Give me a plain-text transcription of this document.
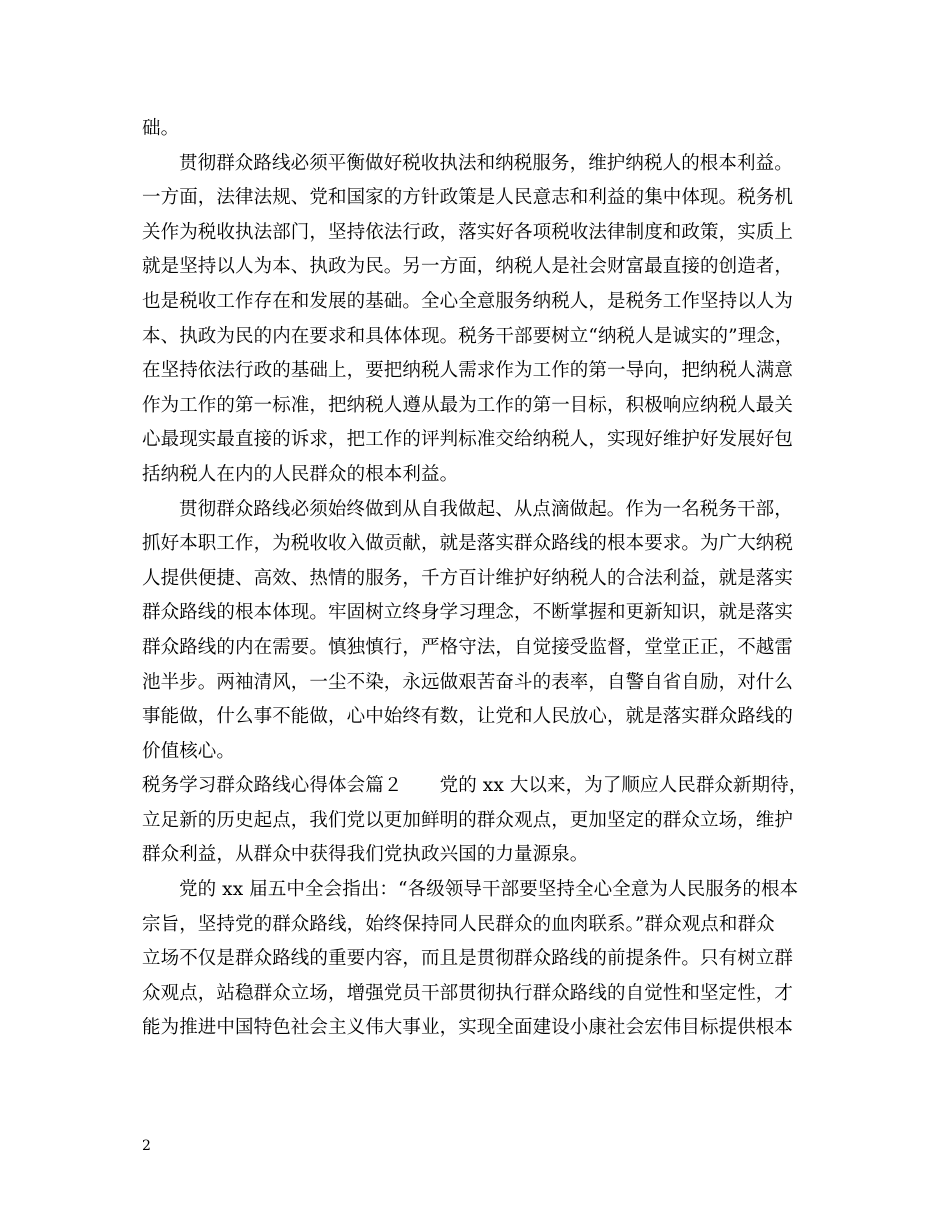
础。

贯彻群众路线必须平衡做好税收执法和纳税服务，维护纳税人的根本利益。
一方面，法律法规、党和国家的方针政策是人民意志和利益的集中体现。税务机
关作为税收执法部门，坚持依法行政，落实好各项税收法律制度和政策，实质上
就是坚持以人为本、执政为民。另一方面，纳税人是社会财富最直接的创造者，
也是税收工作存在和发展的基础。全心全意服务纳税人，是税务工作坚持以人为
本、执政为民的内在要求和具体体现。税务干部要树立“纳税人是诚实的”理念，
在坚持依法行政的基础上，要把纳税人需求作为工作的第一导向，把纳税人满意
作为工作的第一标准，把纳税人遵从最为工作的第一目标，积极响应纳税人最关
心最现实最直接的诉求，把工作的评判标准交给纳税人，实现好维护好发展好包
括纳税人在内的人民群众的根本利益。

贯彻群众路线必须始终做到从自我做起、从点滴做起。作为一名税务干部，
抓好本职工作，为税收收入做贡献，就是落实群众路线的根本要求。为广大纳税
人提供便捷、高效、热情的服务，千方百计维护好纳税人的合法利益，就是落实
群众路线的根本体现。牢固树立终身学习理念，不断掌握和更新知识，就是落实
群众路线的内在需要。慎独慎行，严格守法，自觉接受监督，堂堂正正，不越雷
池半步。两袖清风，一尘不染，永远做艰苦奋斗的表率，自警自省自励，对什么
事能做，什么事不能做，心中始终有数，让党和人民放心，就是落实群众路线的
价值核心。

税务学习群众路线心得体会篇２　　党的 xx 大以来，为了顺应人民群众新期待，
立足新的历史起点，我们党以更加鲜明的群众观点，更加坚定的群众立场，维护
群众利益，从群众中获得我们党执政兴国的力量源泉。

党的 xx 届五中全会指出：“各级领导干部要坚持全心全意为人民服务的根本
宗旨，坚持党的群众路线，始终保持同人民群众的血肉联系。”群众观点和群众
立场不仅是群众路线的重要内容，而且是贯彻群众路线的前提条件。只有树立群
众观点，站稳群众立场，增强党员干部贯彻执行群众路线的自觉性和坚定性，才
能为推进中国特色社会主义伟大事业，实现全面建设小康社会宏伟目标提供根本

2
